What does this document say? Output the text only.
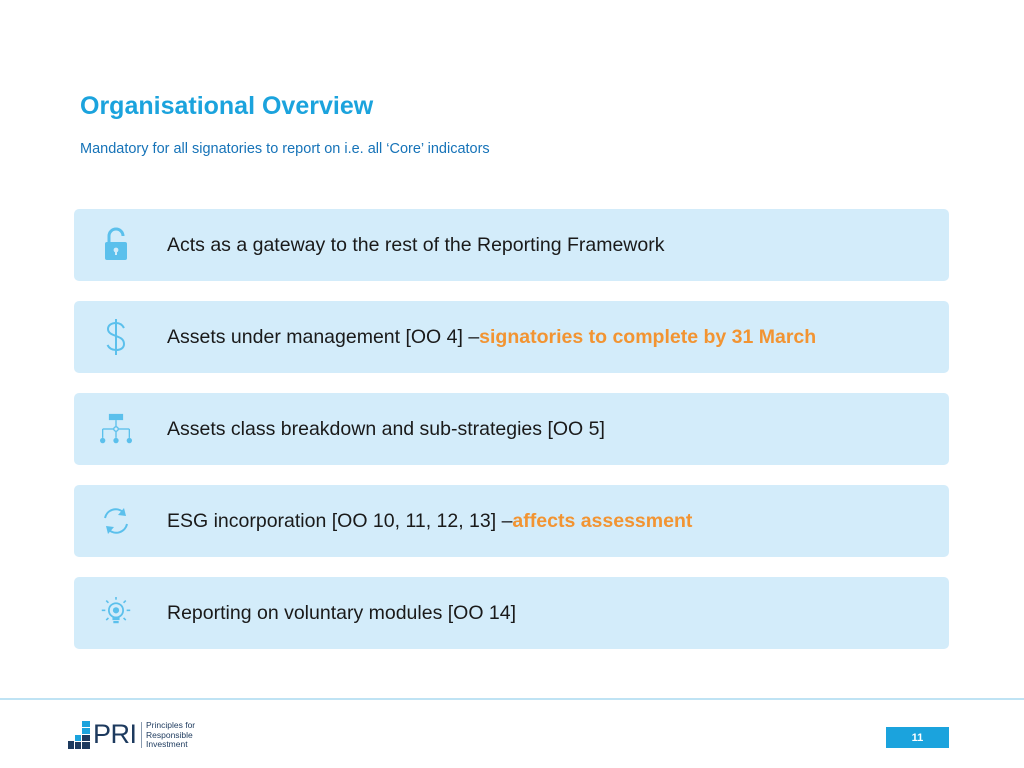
Organisational Overview
Mandatory for all signatories to report on i.e. all ‘Core’ indicators
Acts as a gateway to the rest of the Reporting Framework
Assets under management [OO 4] – signatories to complete by 31 March
Assets class breakdown and sub-strategies [OO 5]
ESG incorporation [OO 10, 11, 12, 13] – affects assessment
Reporting on voluntary modules [OO 14]
PRI Principles for
Responsible
Investment
11
